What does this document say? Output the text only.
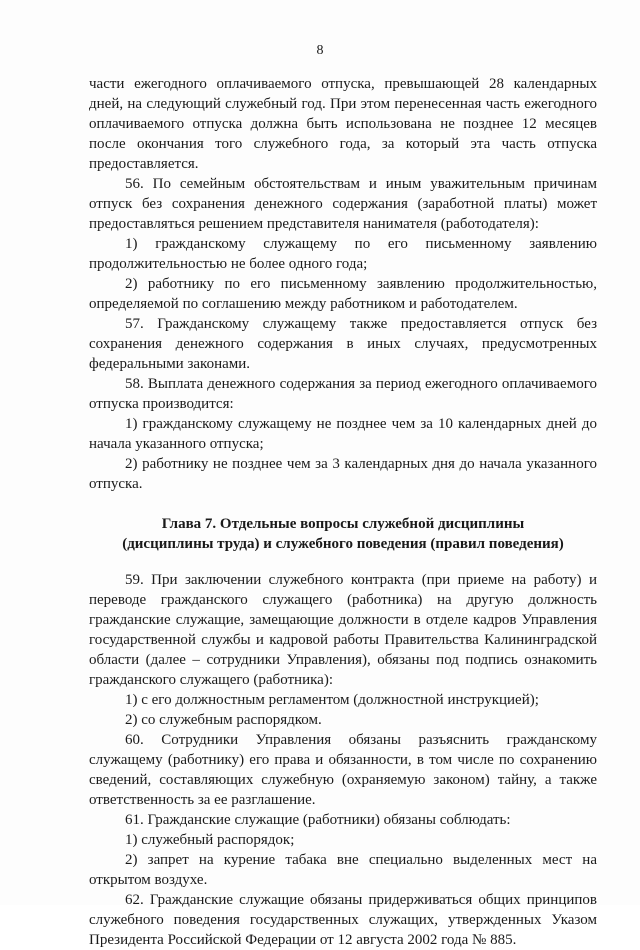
8

части ежегодного оплачиваемого отпуска, превышающей 28 календарных дней, на следующий служебный год. При этом перенесенная часть ежегодного оплачиваемого отпуска должна быть использована не позднее 12 месяцев после окончания того служебного года, за который эта часть отпуска предоставляется.

56. По семейным обстоятельствам и иным уважительным причинам отпуск без сохранения денежного содержания (заработной платы) может предоставляться решением представителя нанимателя (работодателя):

1) гражданскому служащему по его письменному заявлению продолжительностью не более одного года;

2) работнику по его письменному заявлению продолжительностью, определяемой по соглашению между работником и работодателем.

57. Гражданскому служащему также предоставляется отпуск без сохранения денежного содержания в иных случаях, предусмотренных федеральными законами.

58. Выплата денежного содержания за период ежегодного оплачиваемого отпуска производится:

1) гражданскому служащему не позднее чем за 10 календарных дней до начала указанного отпуска;

2) работнику не позднее чем за 3 календарных дня до начала указанного отпуска.

Глава 7. Отдельные вопросы служебной дисциплины
(дисциплины труда) и служебного поведения (правил поведения)

59. При заключении служебного контракта (при приеме на работу) и переводе гражданского служащего (работника) на другую должность гражданские служащие, замещающие должности в отделе кадров Управления государственной службы и кадровой работы Правительства Калининградской области (далее – сотрудники Управления), обязаны под подпись ознакомить гражданского служащего (работника):

1) с его должностным регламентом (должностной инструкцией);

2) со служебным распорядком.

60. Сотрудники Управления обязаны разъяснить гражданскому служащему (работнику) его права и обязанности, в том числе по сохранению сведений, составляющих служебную (охраняемую законом) тайну, а также ответственность за ее разглашение.

61. Гражданские служащие (работники) обязаны соблюдать:

1) служебный распорядок;

2) запрет на курение табака вне специально выделенных мест на открытом воздухе.

62. Гражданские служащие обязаны придерживаться общих принципов служебного поведения государственных служащих, утвержденных Указом Президента Российской Федерации от 12 августа 2002 года № 885.
